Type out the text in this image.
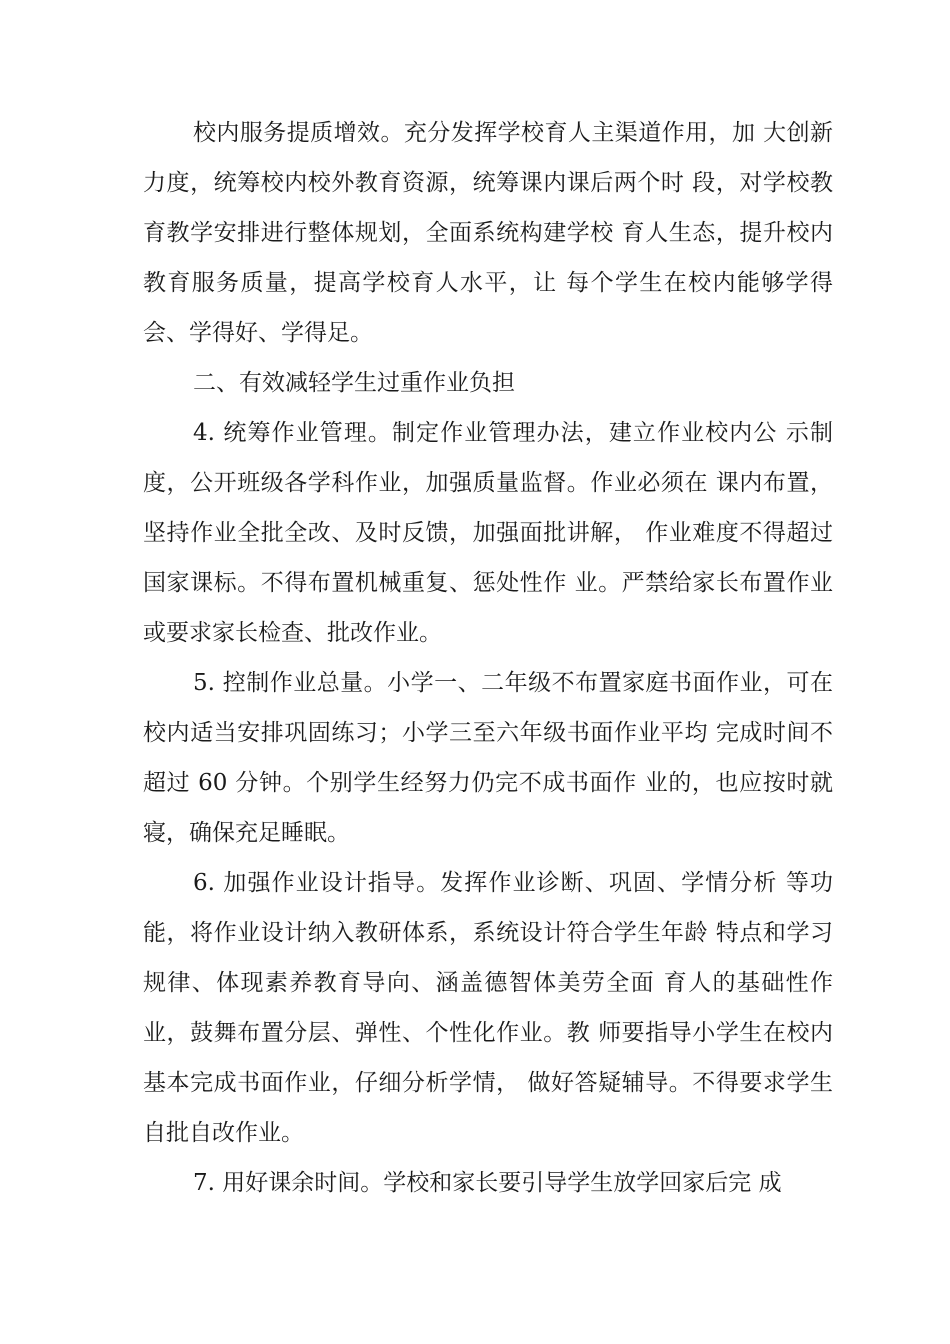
校内服务提质增效。充分发挥学校育人主渠道作用，加 大创新力度，统筹校内校外教育资源，统筹课内课后两个时 段，对学校教育教学安排进行整体规划，全面系统构建学校 育人生态，提升校内教育服务质量，提高学校育人水平，让 每个学生在校内能够学得会、学得好、学得足。

二、有效减轻学生过重作业负担

4. 统筹作业管理。制定作业管理办法，建立作业校内公 示制度，公开班级各学科作业，加强质量监督。作业必须在 课内布置，坚持作业全批全改、及时反馈，加强面批讲解， 作业难度不得超过国家课标。不得布置机械重复、惩处性作 业。严禁给家长布置作业或要求家长检查、批改作业。

5. 控制作业总量。小学一、二年级不布置家庭书面作业，可在校内适当安排巩固练习；小学三至六年级书面作业平均 完成时间不超过 60 分钟。个别学生经努力仍完不成书面作 业的，也应按时就寝，确保充足睡眠。

6. 加强作业设计指导。发挥作业诊断、巩固、学情分析 等功能，将作业设计纳入教研体系，系统设计符合学生年龄 特点和学习规律、体现素养教育导向、涵盖德智体美劳全面 育人的基础性作业，鼓舞布置分层、弹性、个性化作业。教 师要指导小学生在校内基本完成书面作业，仔细分析学情， 做好答疑辅导。不得要求学生自批自改作业。

7. 用好课余时间。学校和家长要引导学生放学回家后完 成
